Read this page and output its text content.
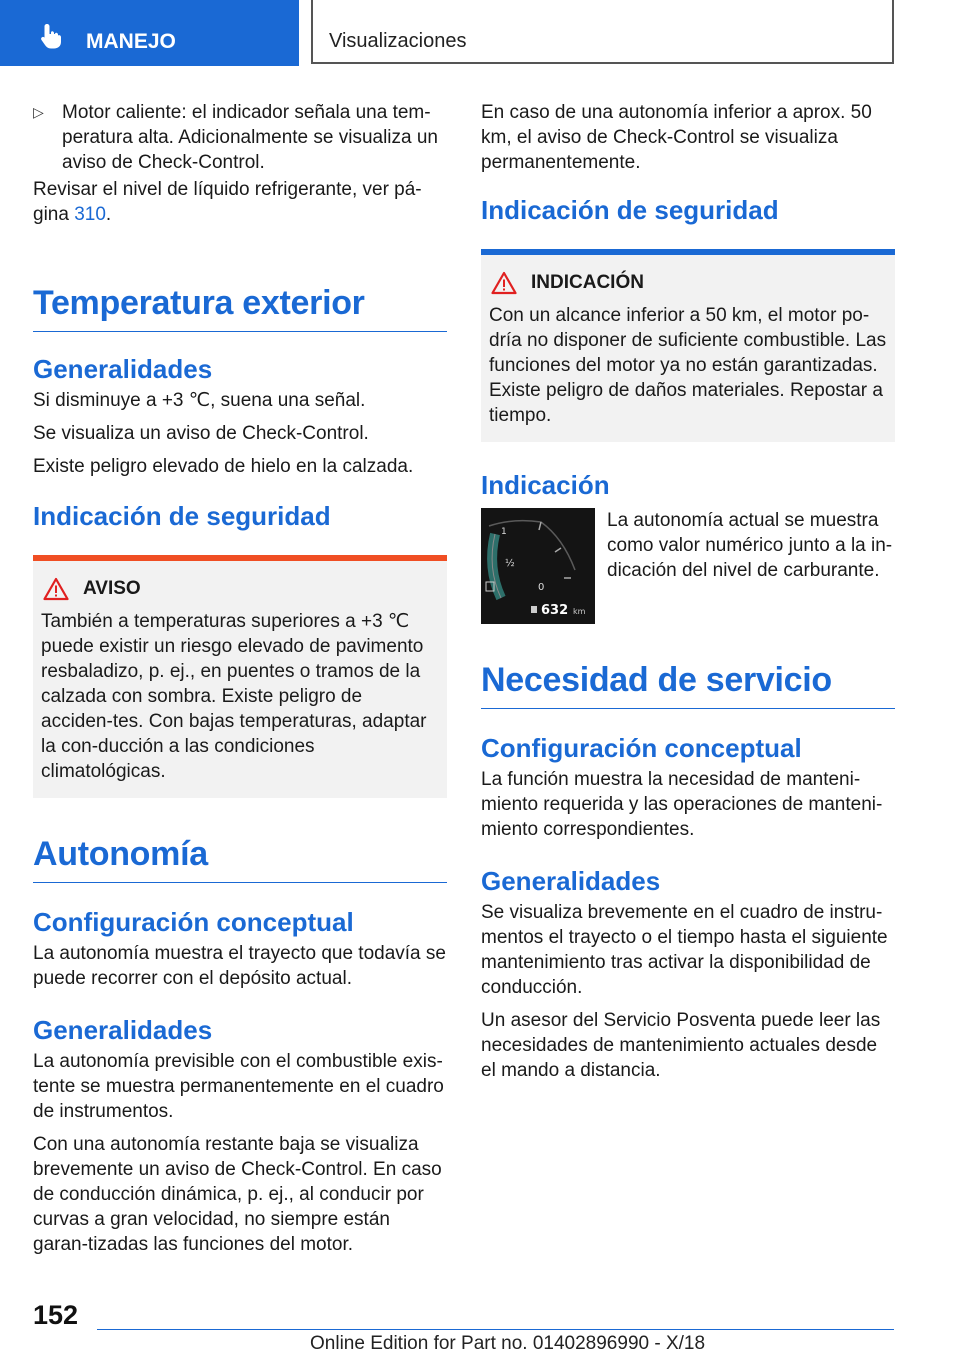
MANEJO	Visualizaciones

▷ Motor caliente: el indicador señala una tem‐peratura alta. Adicionalmente se visualiza un aviso de Check-Control.

Revisar el nivel de líquido refrigerante, ver pá‐gina 310.

Temperatura exterior
Generalidades

Si disminuye a +3 ℃, suena una señal.

Se visualiza un aviso de Check-Control.

Existe peligro elevado de hielo en la calzada.

Indicación de seguridad
AVISO

También a temperaturas superiores a +3 ℃ puede existir un riesgo elevado de pavimento resbaladizo, p. ej., en puentes o tramos de la calzada con sombra. Existe peligro de acciden‐tes. Con bajas temperaturas, adaptar la con‐ducción a las condiciones climatológicas.

Autonomía
Configuración conceptual

La autonomía muestra el trayecto que todavía se puede recorrer con el depósito actual.

Generalidades

La autonomía previsible con el combustible exis‐tente se muestra permanentemente en el cuadro de instrumentos.

Con una autonomía restante baja se visualiza brevemente un aviso de Check-Control. En caso de conducción dinámica, p. ej., al conducir por curvas a gran velocidad, no siempre están garan‐tizadas las funciones del motor.

En caso de una autonomía inferior a aprox. 50 km, el aviso de Check-Control se visualiza permanentemente.

Indicación de seguridad
INDICACIÓN

Con un alcance inferior a 50 km, el motor po‐dría no disponer de suficiente combustible. Las funciones del motor ya no están garantizadas. Existe peligro de daños materiales. Repostar a tiempo.

Indicación
1
½
0
632 km

La autonomía actual se muestra como valor numérico junto a la in‐dicación del nivel de carburante.

Necesidad de servicio
Configuración conceptual

La función muestra la necesidad de manteni‐miento requerida y las operaciones de manteni‐miento correspondientes.

Generalidades

Se visualiza brevemente en el cuadro de instru‐mentos el trayecto o el tiempo hasta el siguiente mantenimiento tras activar la disponibilidad de conducción.

Un asesor del Servicio Posventa puede leer las necesidades de mantenimiento actuales desde el mando a distancia.

152
Online Edition for Part no. 01402896990 - X/18
